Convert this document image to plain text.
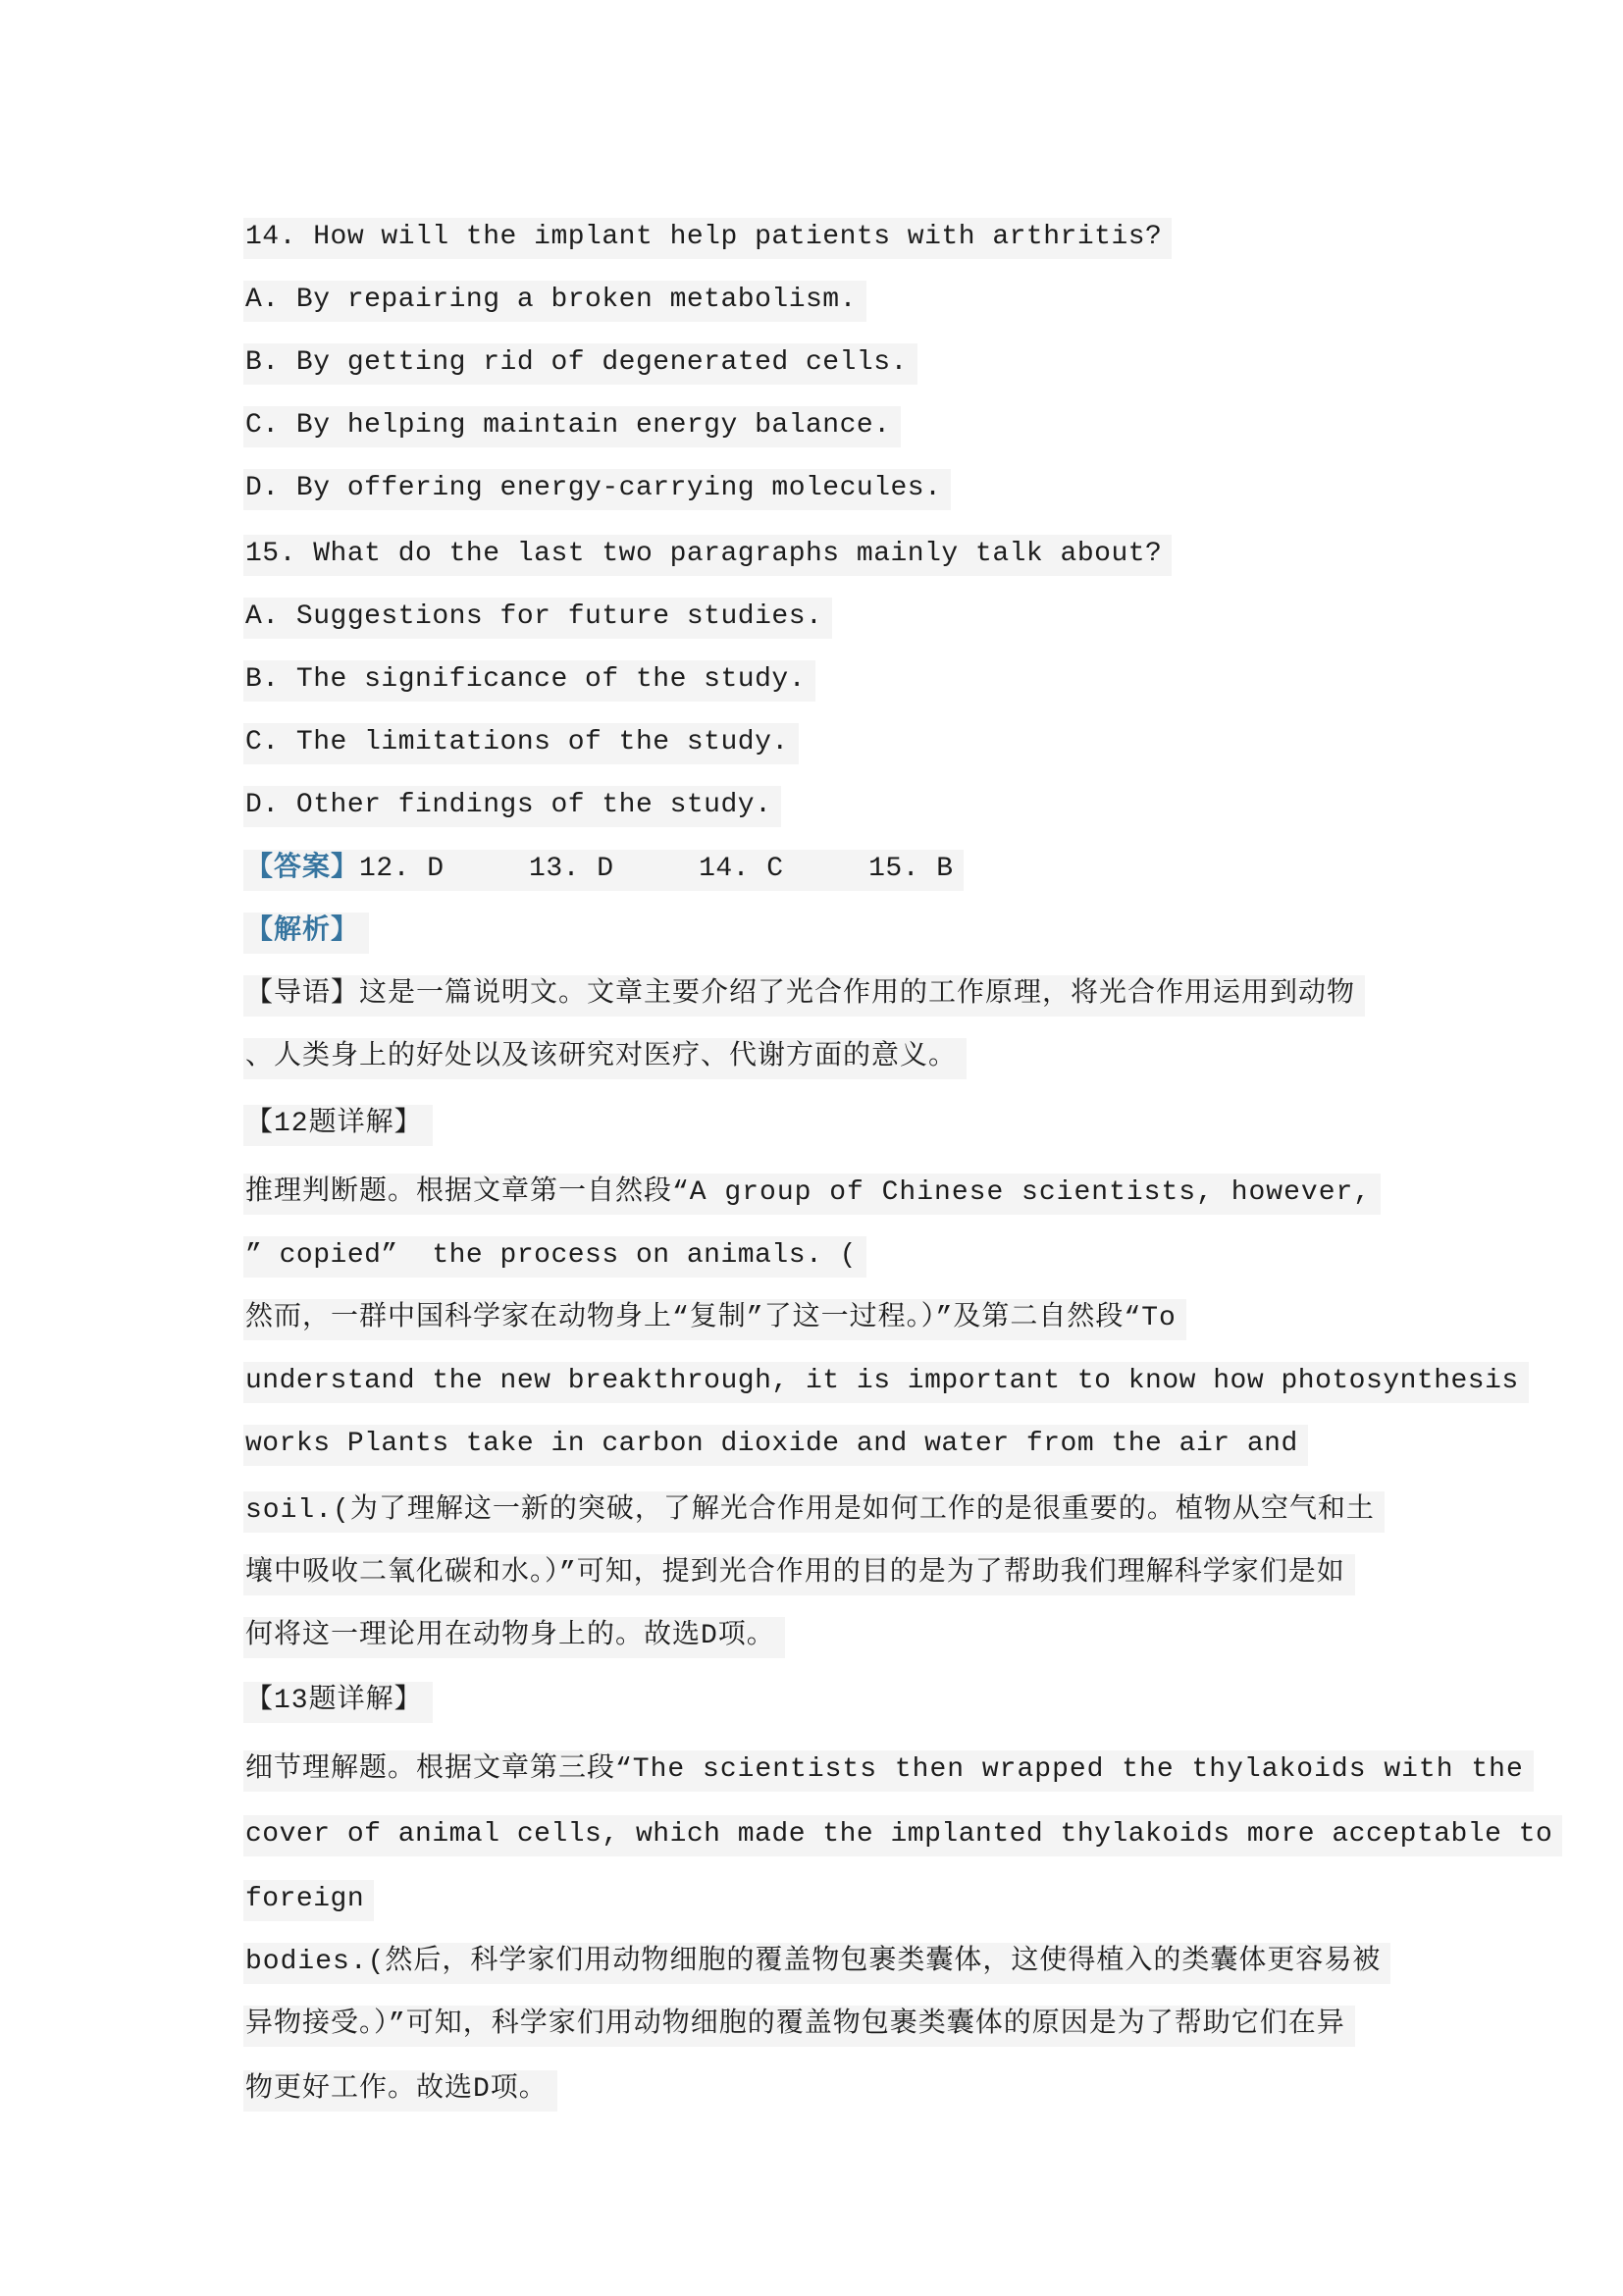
14. How will the implant help patients with arthritis?
A. By repairing a broken metabolism.
B. By getting rid of degenerated cells.
C. By helping maintain energy balance.
D. By offering energy-carrying molecules.
15. What do the last two paragraphs mainly talk about?
A. Suggestions for future studies.
B. The significance of the study.
C. The limitations of the study.
D. Other findings of the study.
【答案】12. D     13. D     14. C     15. B
【解析】
【导语】这是一篇说明文。文章主要介绍了光合作用的工作原理，将光合作用运用到动物
、人类身上的好处以及该研究对医疗、代谢方面的意义。
【12题详解】
推理判断题。根据文章第一自然段“A group of Chinese scientists, however,
” copied”  the process on animals. (
然而，一群中国科学家在动物身上“复制”了这一过程。）”及第二自然段“To
understand the new breakthrough, it is important to know how photosynthesis
works Plants take in carbon dioxide and water from the air and
soil.(为了理解这一新的突破，了解光合作用是如何工作的是很重要的。植物从空气和土
壤中吸收二氧化碳和水。）”可知，提到光合作用的目的是为了帮助我们理解科学家们是如
何将这一理论用在动物身上的。故选D项。
【13题详解】
细节理解题。根据文章第三段“The scientists then wrapped the thylakoids with the
cover of animal cells, which made the implanted thylakoids more acceptable to
foreign
bodies.(然后，科学家们用动物细胞的覆盖物包裹类囊体，这使得植入的类囊体更容易被
异物接受。）”可知，科学家们用动物细胞的覆盖物包裹类囊体的原因是为了帮助它们在异
物更好工作。故选D项。
